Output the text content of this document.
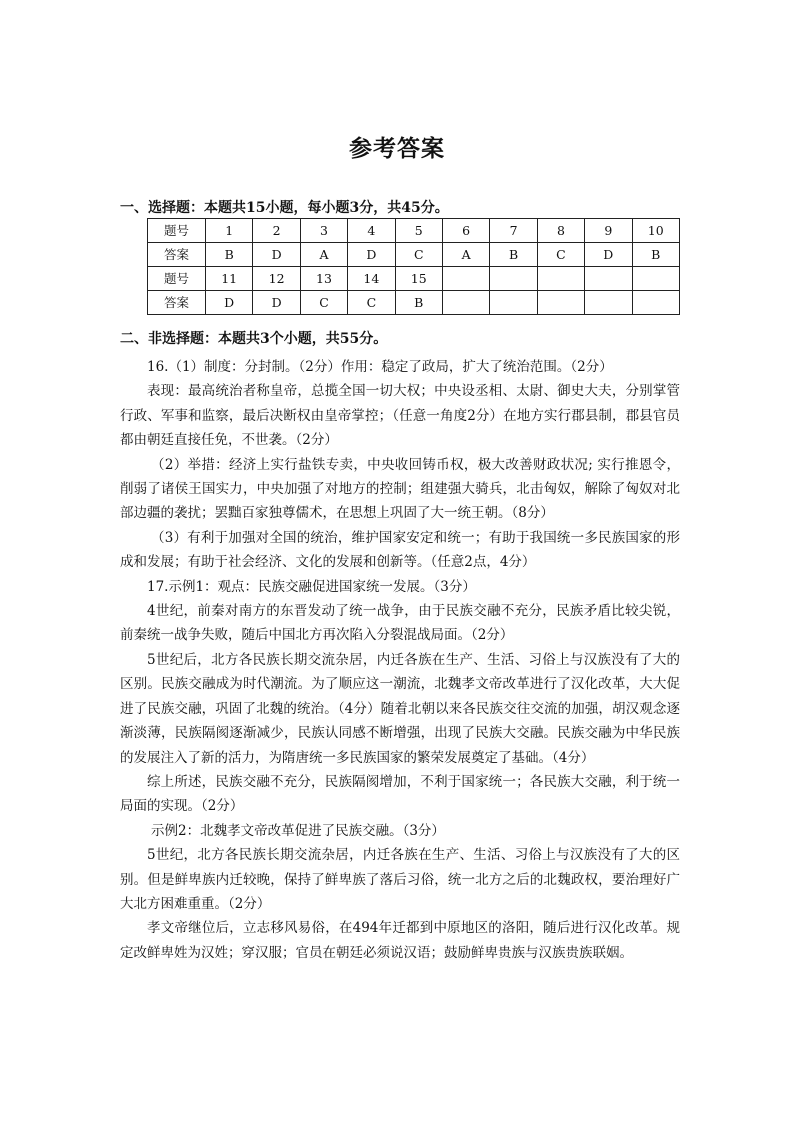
参考答案
一、选择题：本题共15小题，每小题3分，共45分。
题号	1	2	3	4	5	6	7	8	9	10
答案	B	D	A	D	C	A	B	C	D	B
题号	11	12	13	14	15					
答案	D	D	C	C	B					
二、非选择题：本题共3个小题，共55分。

16.（1）制度：分封制。（2分）作用：稳定了政局，扩大了统治范围。（2分）

表现：最高统治者称皇帝，总揽全国一切大权；中央设丞相、太尉、御史大夫，分别掌管行政、军事和监察，最后决断权由皇帝掌控；（任意一角度2分）在地方实行郡县制，郡县官员都由朝廷直接任免，不世袭。（2分）

（2）举措：经济上实行盐铁专卖，中央收回铸币权，极大改善财政状况; 实行推恩令，削弱了诸侯王国实力，中央加强了对地方的控制；组建强大骑兵，北击匈奴，解除了匈奴对北部边疆的袭扰；罢黜百家独尊儒术，在思想上巩固了大一统王朝。（8分）

（3）有利于加强对全国的统治，维护国家安定和统一；有助于我国统一多民族国家的形成和发展；有助于社会经济、文化的发展和创新等。（任意2点，4分）

17.示例1：观点：民族交融促进国家统一发展。（3分）

4世纪，前秦对南方的东晋发动了统一战争，由于民族交融不充分，民族矛盾比较尖锐，前秦统一战争失败，随后中国北方再次陷入分裂混战局面。（2分）

5世纪后，北方各民族长期交流杂居，内迁各族在生产、生活、习俗上与汉族没有了大的区别。民族交融成为时代潮流。为了顺应这一潮流，北魏孝文帝改革进行了汉化改革，大大促进了民族交融，巩固了北魏的统治。（4分）随着北朝以来各民族交往交流的加强，胡汉观念逐渐淡薄，民族隔阂逐渐减少，民族认同感不断增强，出现了民族大交融。民族交融为中华民族的发展注入了新的活力，为隋唐统一多民族国家的繁荣发展奠定了基础。（4分）

综上所述，民族交融不充分，民族隔阂增加，不利于国家统一；各民族大交融，利于统一局面的实现。（2分）

示例2：北魏孝文帝改革促进了民族交融。（3分）

5世纪，北方各民族长期交流杂居，内迁各族在生产、生活、习俗上与汉族没有了大的区别。但是鲜卑族内迁较晚，保持了鲜卑族了落后习俗，统一北方之后的北魏政权，要治理好广大北方困难重重。（2分）

孝文帝继位后，立志移风易俗，在494年迁都到中原地区的洛阳，随后进行汉化改革。规定改鲜卑姓为汉姓；穿汉服；官员在朝廷必须说汉语；鼓励鲜卑贵族与汉族贵族联姻。
